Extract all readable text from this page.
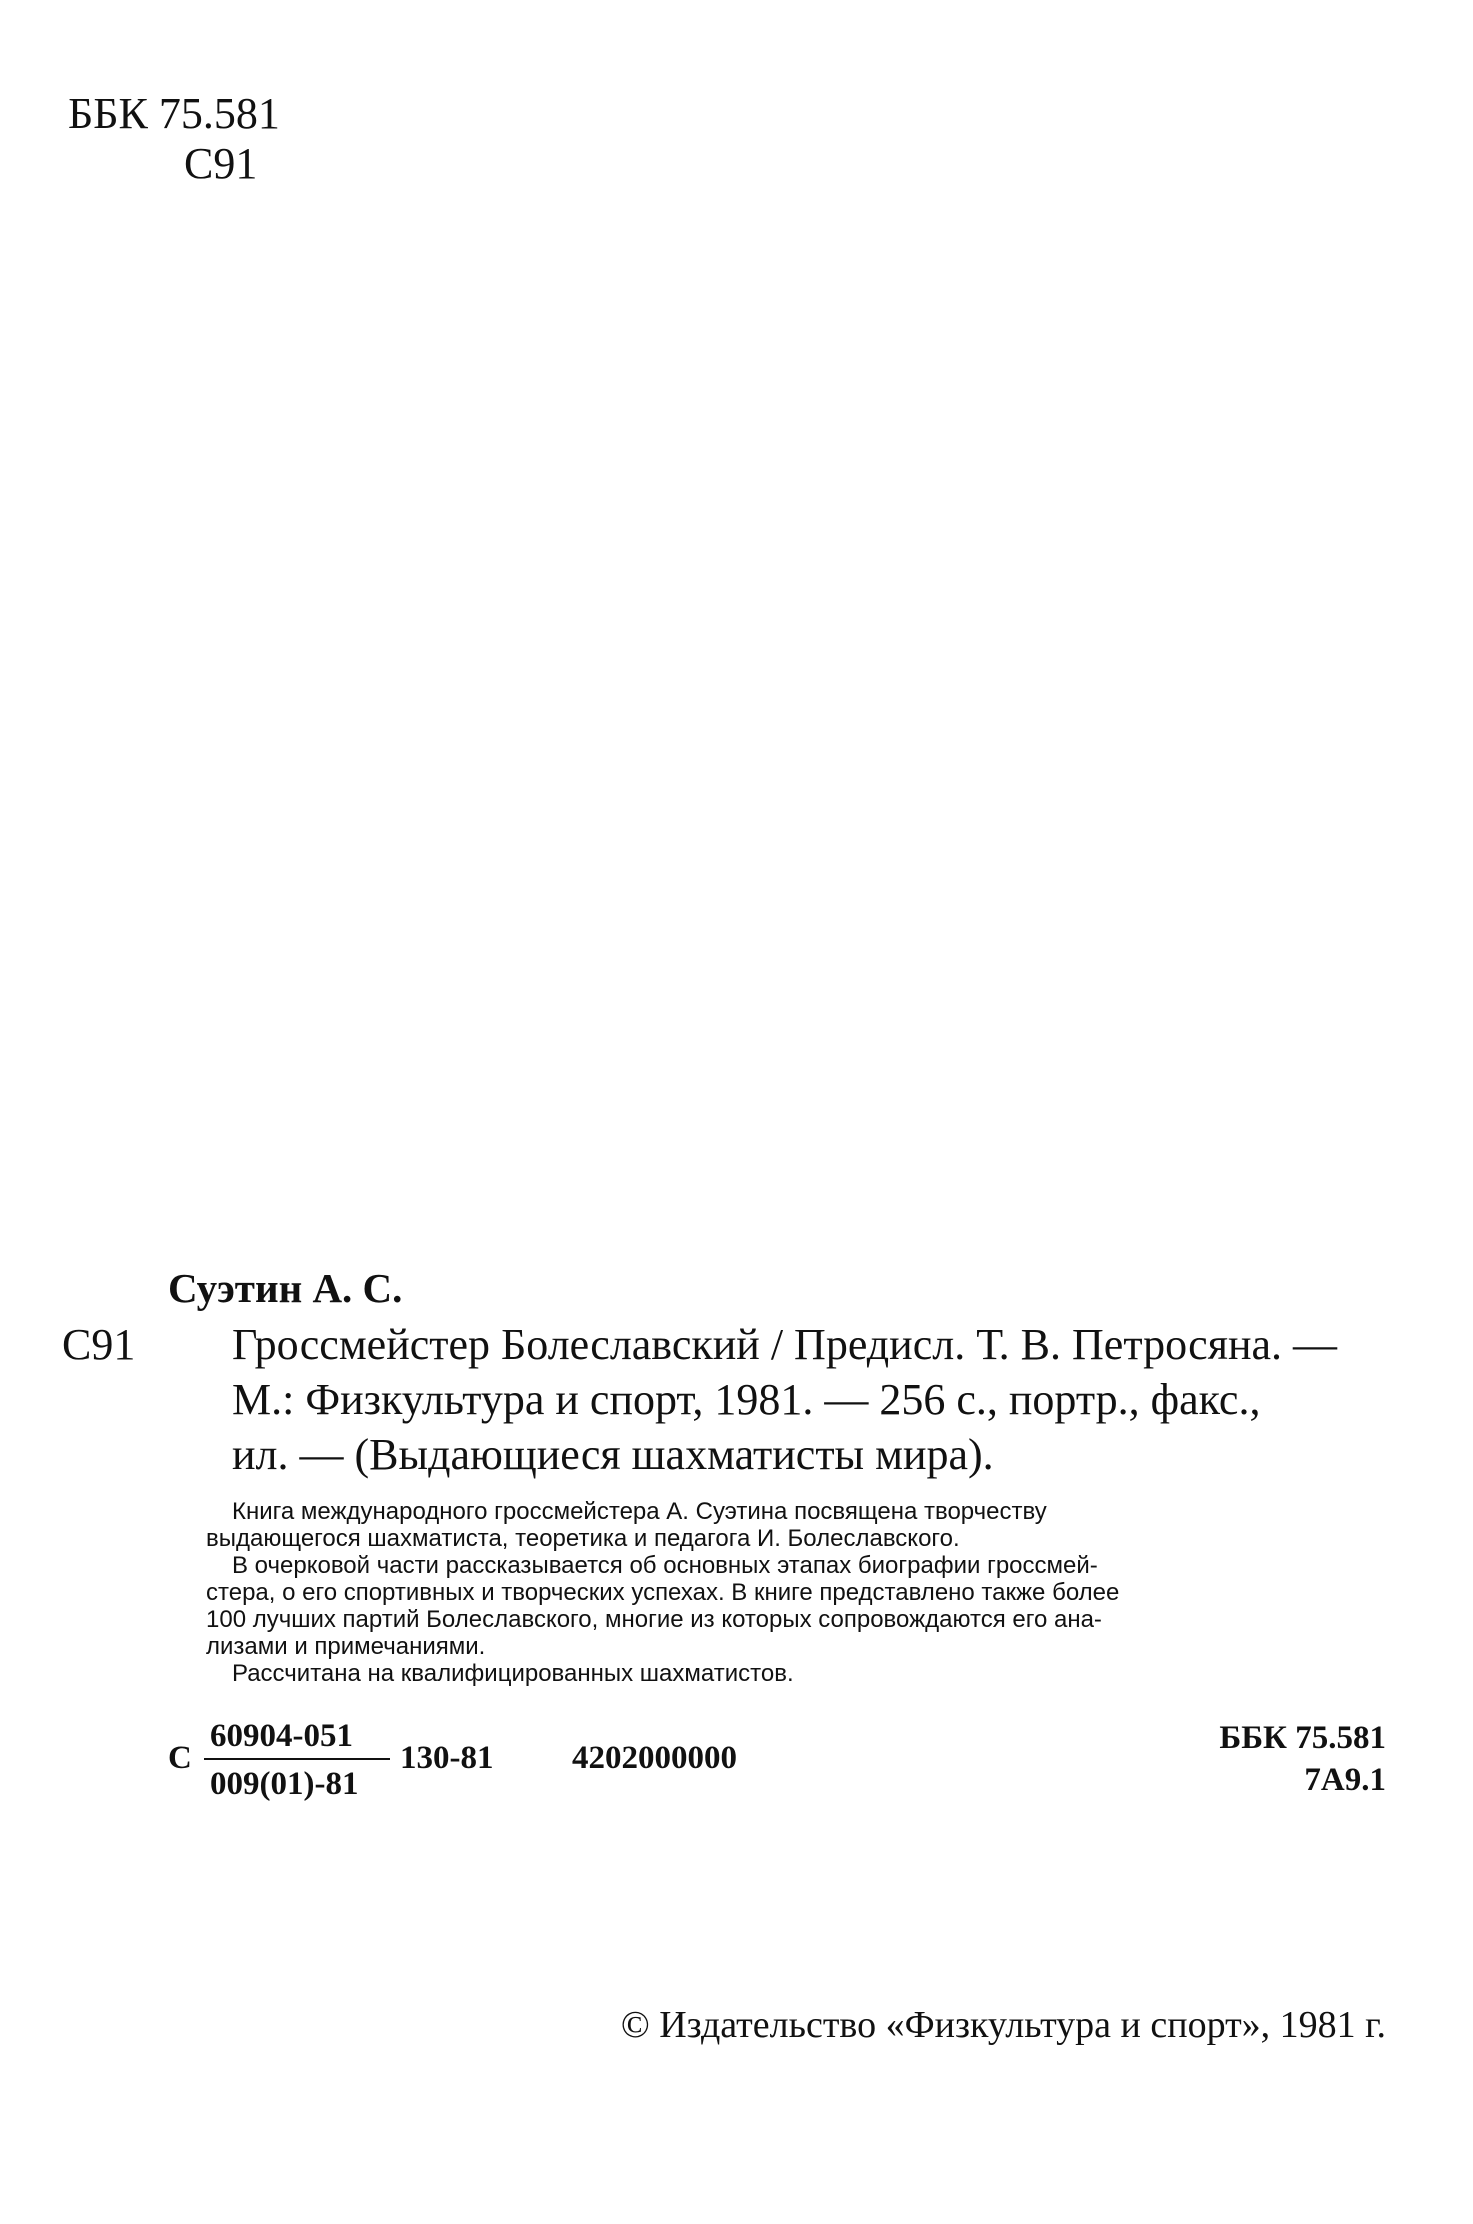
ББК 75.581
С91
Суэтин А. С.
С91 Гроссмейстер Болеславский / Предисл. Т. В. Петросяна. —
М.: Физкультура и спорт, 1981. — 256 с., портр., факс.,
ил. — (Выдающиеся шахматисты мира).
Книга международного гроссмейстера А. Суэтина посвящена творчеству
выдающегося шахматиста, теоретика и педагога И. Болеславского.
В очерковой части рассказывается об основных этапах биографии гроссмей-
стера, о его спортивных и творческих успехах. В книге представлено также более
100 лучших партий Болеславского, многие из которых сопровождаются его ана-
лизами и примечаниями.
Рассчитана на квалифицированных шахматистов.
С
60904-051
009(01)-81
130-81 4202000000
ББК 75.581
7А9.1
© Издательство «Физкультура и спорт», 1981 г.
